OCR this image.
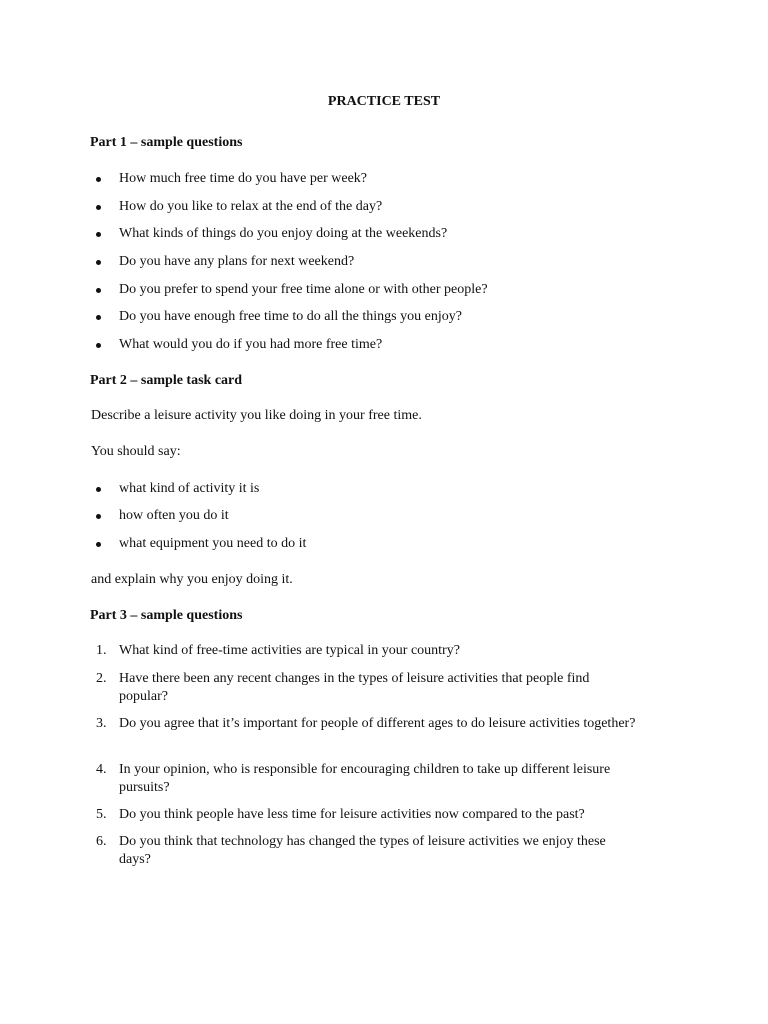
PRACTICE TEST
Part 1 – sample questions
How much free time do you have per week?
How do you like to relax at the end of the day?
What kinds of things do you enjoy doing at the weekends?
Do you have any plans for next weekend?
Do you prefer to spend your free time alone or with other people?
Do you have enough free time to do all the things you enjoy?
What would you do if you had more free time?
Part 2 – sample task card

Describe a leisure activity you like doing in your free time.

You should say:

what kind of activity it is
how often you do it
what equipment you need to do it

and explain why you enjoy doing it.

Part 3 – sample questions
1. What kind of free-time activities are typical in your country?
2. Have there been any recent changes in the types of leisure activities that people find popular?
3. Do you agree that it’s important for people of different ages to do leisure activities together?
4. In your opinion, who is responsible for encouraging children to take up different leisure pursuits?
5. Do you think people have less time for leisure activities now compared to the past?
6. Do you think that technology has changed the types of leisure activities we enjoy these days?
